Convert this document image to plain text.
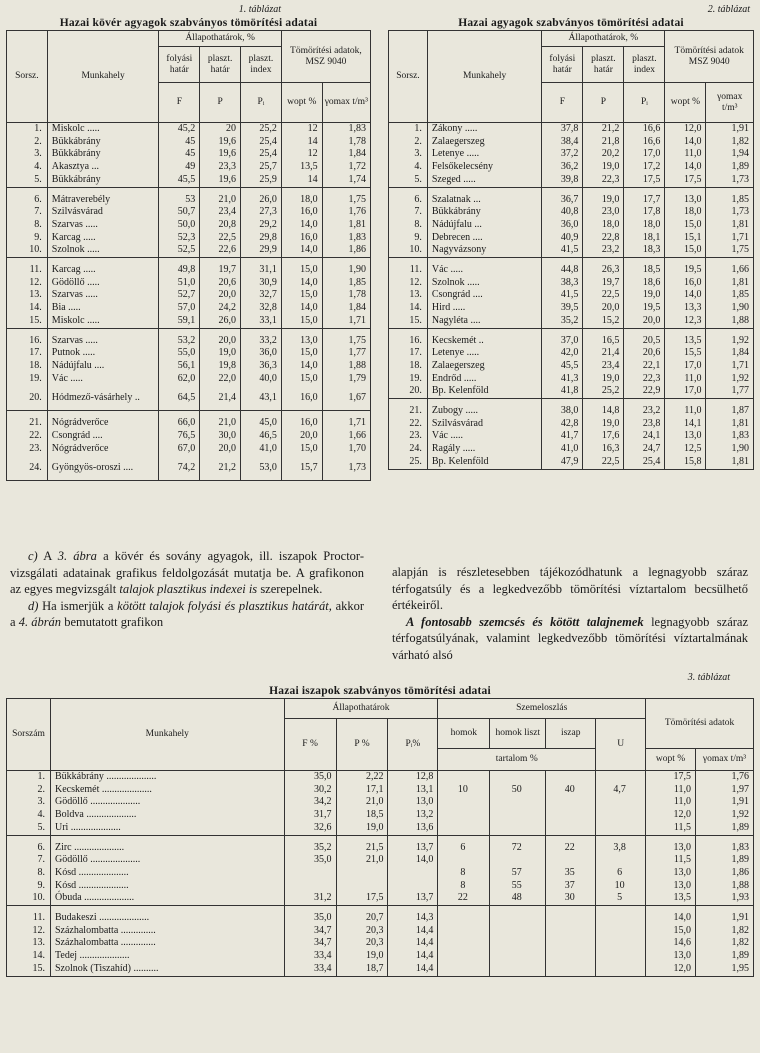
1. táblázat
Hazai kövér agyagok szabványos tömörítési adatai
Sorsz.	Munkahely	Állapothatárok, %			Tömörítési adatok, MSZ 9040	
		folyási határ	plaszt. határ	plaszt. index		
		F	P	Pᵢ	wopt %	γomax t/m³
1.	Miskolc .....	45,2	20	25,2	12	1,83
2.	Bükkábrány	45	19,6	25,4	14	1,78
3.	Bükkábrány	45	19,6	25,4	12	1,84
4.	Akasztya ...	49	23,3	25,7	13,5	1,72
5.	Bükkábrány	45,5	19,6	25,9	14	1,74

6.	Mátraverebély	53	21,0	26,0	18,0	1,75
7.	Szilvásvárad	50,7	23,4	27,3	16,0	1,76
8.	Szarvas .....	50,0	20,8	29,2	14,0	1,81
9.	Karcag .....	52,3	22,5	29,8	16,0	1,83
10.	Szolnok .....	52,5	22,6	29,9	14,0	1,86

11.	Karcag .....	49,8	19,7	31,1	15,0	1,90
12.	Gödöllő .....	51,0	20,6	30,9	14,0	1,85
13.	Szarvas .....	52,7	20,0	32,7	15,0	1,78
14.	Bia .....	57,0	24,2	32,8	14,0	1,84
15.	Miskolc .....	59,1	26,0	33,1	15,0	1,71

16.	Szarvas .....	53,2	20,0	33,2	13,0	1,75
17.	Putnok .....	55,0	19,0	36,0	15,0	1,77
18.	Nádújfalu ....	56,1	19,8	36,3	14,0	1,88
19.	Vác .....	62,0	22,0	40,0	15,0	1,79
20.	Hódmező-vásárhely ..	64,5	21,4	43,1	16,0	1,67

21.	Nógrádverőce	66,0	21,0	45,0	16,0	1,71
22.	Csongrád ....	76,5	30,0	46,5	20,0	1,66
23.	Nógrádverőce	67,0	20,0	41,0	15,0	1,70
24.	Gyöngyös-oroszi ....	74,2	21,2	53,0	15,7	1,73
2. táblázat
Hazai agyagok szabványos tömörítési adatai
Sorsz.	Munkahely	Állapothatárok, %			Tömörítési adatok MSZ 9040	
		folyási határ	plaszt. határ	plaszt. index		
		F	P	Pᵢ	wopt %	γomax t/m³
1.	Zákony .....	37,8	21,2	16,6	12,0	1,91
2.	Zalaegerszeg	38,4	21,8	16,6	14,0	1,82
3.	Letenye .....	37,2	20,2	17,0	11,0	1,94
4.	Felsőkelecsény	36,2	19,0	17,2	14,0	1,89
5.	Szeged .....	39,8	22,3	17,5	17,5	1,73

6.	Szalatnak ...	36,7	19,0	17,7	13,0	1,85
7.	Bükkábrány	40,8	23,0	17,8	18,0	1,73
8.	Nádújfalu ...	36,0	18,0	18,0	15,0	1,81
9.	Debrecen ....	40,9	22,8	18,1	15,1	1,71
10.	Nagyvázsony	41,5	23,2	18,3	15,0	1,75

11.	Vác .....	44,8	26,3	18,5	19,5	1,66
12.	Szolnok .....	38,3	19,7	18,6	16,0	1,81
13.	Csongrád ....	41,5	22,5	19,0	14,0	1,85
14.	Hird .....	39,5	20,0	19,5	13,3	1,90
15.	Nagyléta ....	35,2	15,2	20,0	12,3	1,88

16.	Kecskemét ..	37,0	16,5	20,5	13,5	1,92
17.	Letenye .....	42,0	21,4	20,6	15,5	1,84
18.	Zalaegerszeg	45,5	23,4	22,1	17,0	1,71
19.	Endrőd .....	41,3	19,0	22,3	11,0	1,92
20.	Bp. Kelenföld	41,8	25,2	22,9	17,0	1,77

21.	Zubogy .....	38,0	14,8	23,2	11,0	1,87
22.	Szilvásvárad	42,8	19,0	23,8	14,1	1,81
23.	Vác .....	41,7	17,6	24,1	13,0	1,83
24.	Ragály .....	41,0	16,3	24,7	12,5	1,90
25.	Bp. Kelenföld	47,9	22,5	25,4	15,8	1,81

c) A 3. ábra a kövér és sovány agyagok, ill. iszapok Proctor-vizsgálati adatainak grafikus feldolgozását mutatja be. A grafikonon az egyes megvizsgált talajok plasztikus indexei is szerepelnek.

d) Ha ismerjük a kötött talajok folyási és plasztikus határát, akkor a 4. ábrán bemutatott grafikon

alapján is részletesebben tájékozódhatunk a legnagyobb száraz térfogatsúly és a legkedvezőbb tömörítési víztartalom becsülhető értékeiről.

A fontosabb szemcsés és kötött talajnemek legnagyobb száraz térfogatsúlyának, valamint legkedvezőbb tömörítési víztartalmának várható alsó

3. táblázat
Hazai iszapok szabványos tömörítési adatai
Sorszám	Munkahely	Állapothatárok			Szemeloszlás				Tömörítési adatok	
		F %	P %	Pᵢ%	homok	homok liszt	iszap	U		
					tartalom %				wopt %	γomax t/m³
1.	Bükkábrány ....................	35,0	2,22	12,8					17,5	1,76
2.	Kecskemét ....................	30,2	17,1	13,1	10	50	40	4,7	11,0	1,97
3.	Gödöllő ....................	34,2	21,0	13,0					11,0	1,91
4.	Boldva ....................	31,7	18,5	13,2					12,0	1,92
5.	Uri ....................	32,6	19,0	13,6					11,5	1,89

6.	Zirc ....................	35,2	21,5	13,7	6	72	22	3,8	13,0	1,83
7.	Gödöllő ....................	35,0	21,0	14,0					11,5	1,89
8.	Kósd ....................				8	57	35	6	13,0	1,86
9.	Kósd ....................				8	55	37	10	13,0	1,88
10.	Óbuda ....................	31,2	17,5	13,7	22	48	30	5	13,5	1,93

11.	Budakeszi ....................	35,0	20,7	14,3					14,0	1,91
12.	Százhalombatta ..............	34,7	20,3	14,4					15,0	1,82
13.	Százhalombatta ..............	34,7	20,3	14,4					14,6	1,82
14.	Tedej ....................	33,4	19,0	14,4					13,0	1,89
15.	Szolnok (Tiszahíd) ..........	33,4	18,7	14,4					12,0	1,95
